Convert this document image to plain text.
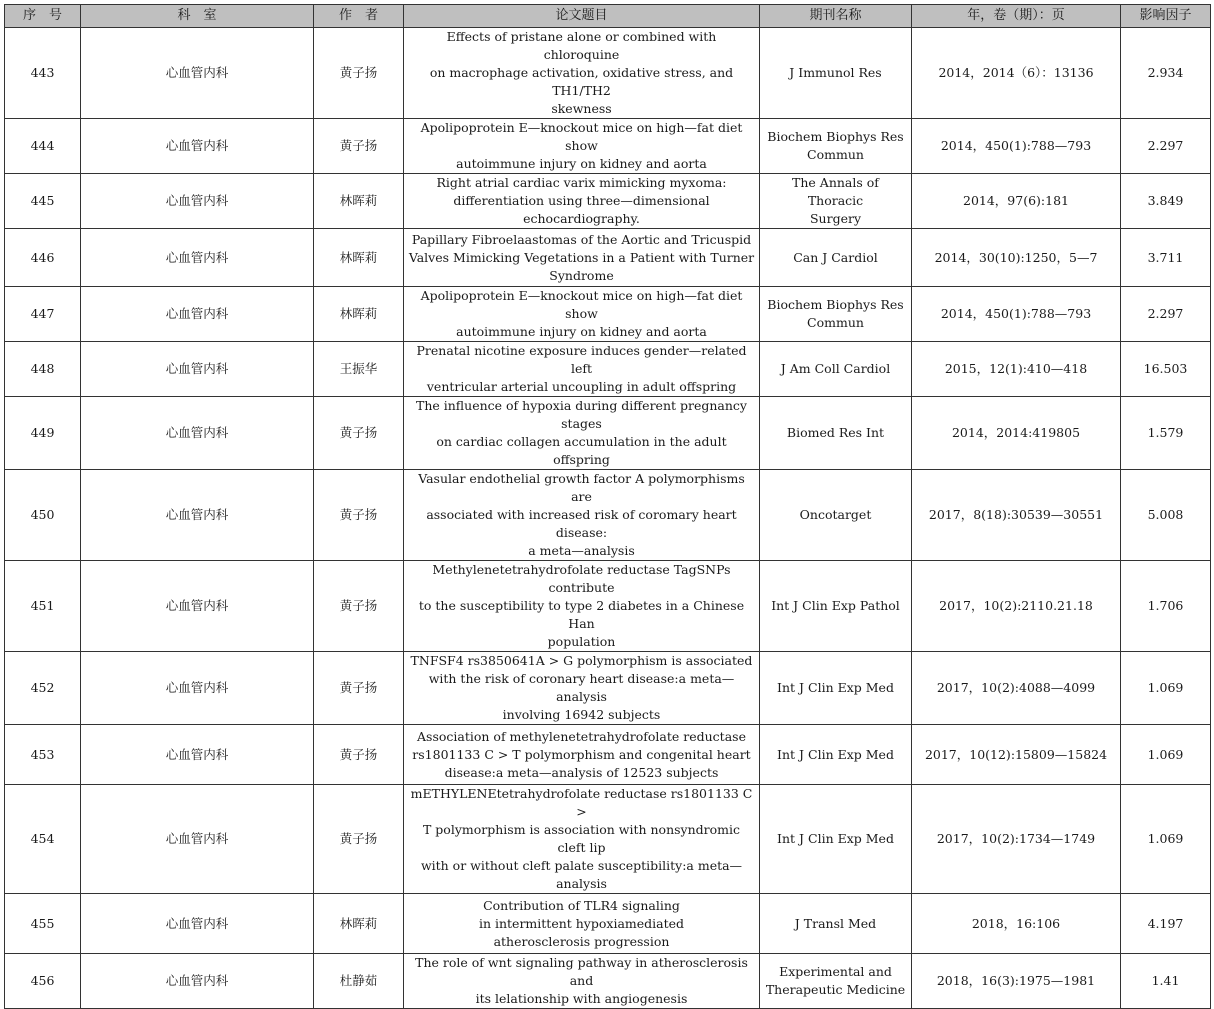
序　号	科　室	作　者	论文题目	期刊名称	年，卷（期）：页	影响因子
443	心血管内科	黄子扬	Effects of pristane alone or combined with chloroquine
on macrophage activation, oxidative stress, and TH1/TH2
skewness	J Immunol Res	2014，2014（6）：13136	2.934
444	心血管内科	黄子扬	Apolipoprotein E—knockout mice on high—fat diet show
autoimmune injury on kidney and aorta	Biochem Biophys Res
Commun	2014，450(1):788—793	2.297
445	心血管内科	林晖莉	Right atrial cardiac varix mimicking myxoma:
differentiation using three—dimensional echocardiography.	The Annals of Thoracic
Surgery	2014，97(6):181	3.849
446	心血管内科	林晖莉	Papillary Fibroelaastomas of the Aortic and Tricuspid
Valves Mimicking Vegetations in a Patient with Turner
Syndrome	Can J Cardiol	2014，30(10):1250，5—7	3.711
447	心血管内科	林晖莉	Apolipoprotein E—knockout mice on high—fat diet show
autoimmune injury on kidney and aorta	Biochem Biophys Res
Commun	2014，450(1):788—793	2.297
448	心血管内科	王振华	Prenatal nicotine exposure induces gender—related left
ventricular arterial uncoupling in adult offspring	J Am Coll Cardiol	2015，12(1):410—418	16.503
449	心血管内科	黄子扬	The influence of hypoxia during different pregnancy stages
on cardiac collagen accumulation in the adult offspring	Biomed Res Int	2014，2014:419805	1.579
450	心血管内科	黄子扬	Vasular endothelial growth factor A polymorphisms are
associated with increased risk of coromary heart disease:
a meta—analysis	Oncotarget	2017，8(18):30539—30551	5.008
451	心血管内科	黄子扬	Methylenetetrahydrofolate reductase TagSNPs contribute
to the susceptibility to type 2 diabetes in a Chinese Han
population	Int J Clin Exp Pathol	2017，10(2):2110.21.18	1.706
452	心血管内科	黄子扬	TNFSF4 rs3850641A > G polymorphism is associated
with the risk of coronary heart disease:a meta—analysis
involving 16942 subjects	Int J Clin Exp Med	2017，10(2):4088—4099	1.069
453	心血管内科	黄子扬	Association of methylenetetrahydrofolate reductase
rs1801133 C > T polymorphism and congenital heart
disease:a meta—analysis of 12523 subjects	Int J Clin Exp Med	2017，10(12):15809—15824	1.069
454	心血管内科	黄子扬	mETHYLENEtetrahydrofolate reductase rs1801133 C >
T polymorphism is association with nonsyndromic cleft lip
with or without cleft palate susceptibility:a meta—analysis	Int J Clin Exp Med	2017，10(2):1734—1749	1.069
455	心血管内科	林晖莉	Contribution of TLR4 signaling
in intermittent hypoxiamediated
atherosclerosis progression	J Transl Med	2018，16:106	4.197
456	心血管内科	杜静茹	The role of wnt signaling pathway in atherosclerosis and
its lelationship with angiogenesis	Experimental and
Therapeutic Medicine	2018，16(3):1975—1981	1.41
